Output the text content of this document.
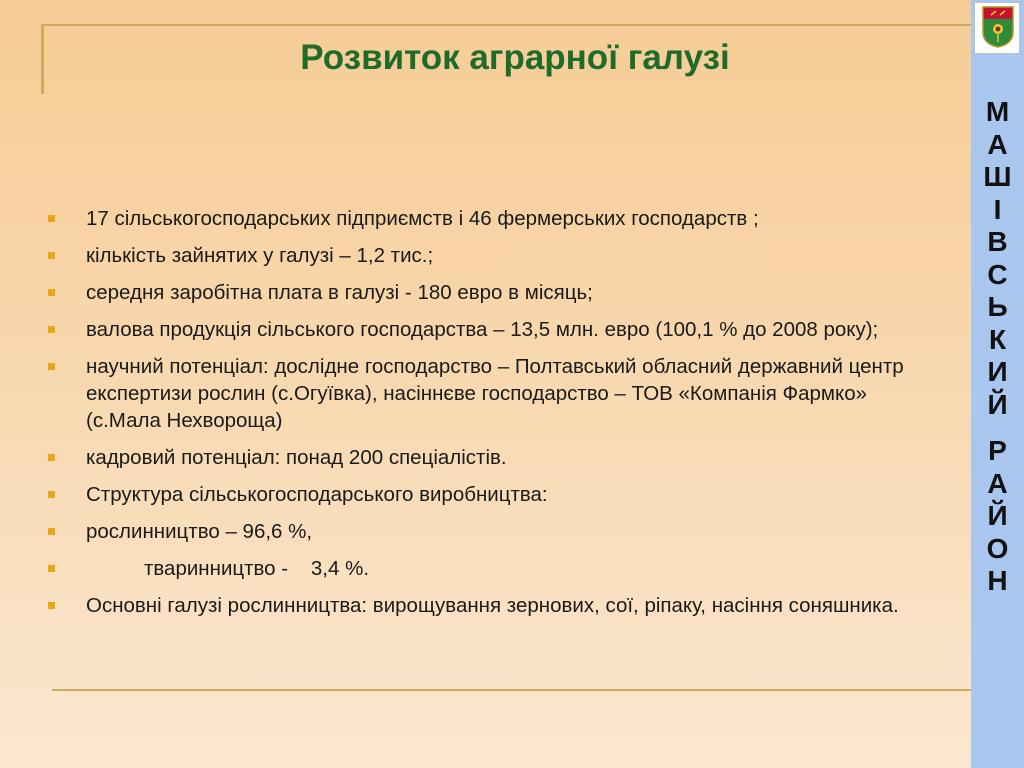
Розвиток аграрної галузі
17 сільськогосподарських підприємств і 46 фермерських господарств ;
кількість зайнятих у галузі – 1,2 тис.;
середня заробітна плата в галузі - 180 евро в місяць;
валова продукція сільського господарства – 13,5 млн. евро (100,1 % до 2008 року);
научний потенціал: дослідне господарство – Полтавський обласний державний центр експертизи рослин (с.Огуївка), насіннєве господарство – ТОВ «Компанія Фармко» (с.Мала Нехвороща)
кадровий потенціал: понад 200 спеціалістів.
Структура сільськогосподарського виробництва:
рослинництво – 96,6 %,
тваринництво -    3,4 %.
Основні галузі рослинництва: вирощування зернових, сої, ріпаку, насіння соняшника.
М
А
Ш
І
В
С
Ь
К
И
Й
Р
А
Й
О
Н
